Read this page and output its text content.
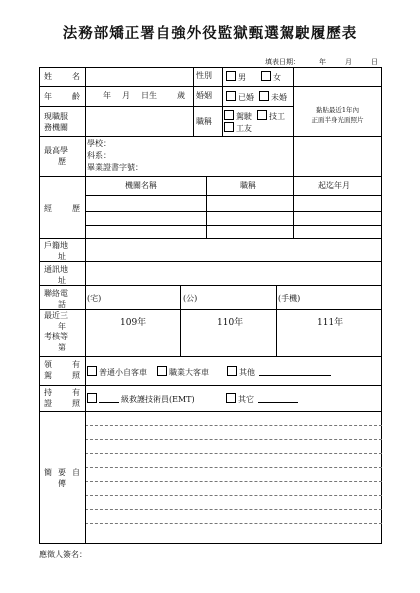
法務部矯正署自強外役監獄甄選駕駛履歷表
填表日期：	年	月	日
姓	名	性別	男	女
年	齡	年 月 日生	歲 婚姻	已婚	未婚
現職服
務機關
職稱
駕駛	技工
工友
黏貼最近1年內
正面半身光面照片
最高學
歷
學校：
科系：
畢業證書字號：
經	歷
機關名稱	職稱	起迄年月
戶籍地
址
通訊地
址
聯絡電
話
(宅)	(公)	(手機)
最近三
年
考核等
第
109年	110年	111年
領	有
駕	照	普通小自客車	職業大客車	其他
持	有
證	照	級救護技術員(EMT)	其它
簡 要 自
傳
應徵人簽名：
